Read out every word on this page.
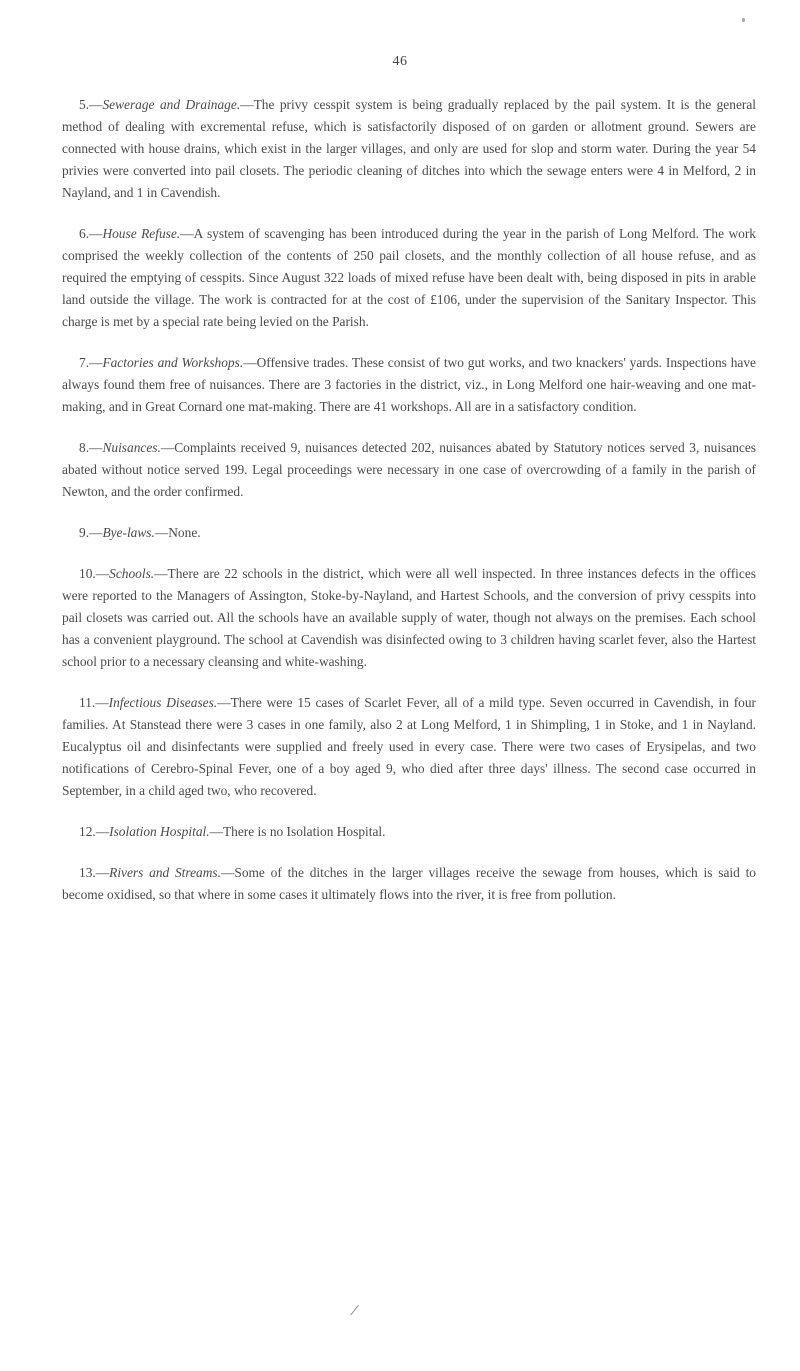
46

5.—Sewerage and Drainage.—The privy cesspit system is being gradually replaced by the pail system. It is the general method of dealing with excremental refuse, which is satisfactorily disposed of on garden or allotment ground. Sewers are connected with house drains, which exist in the larger villages, and only are used for slop and storm water. During the year 54 privies were converted into pail closets. The periodic cleaning of ditches into which the sewage enters were 4 in Melford, 2 in Nayland, and 1 in Cavendish.

6.—House Refuse.—A system of scavenging has been introduced during the year in the parish of Long Melford. The work comprised the weekly collection of the contents of 250 pail closets, and the monthly collection of all house refuse, and as required the emptying of cesspits. Since August 322 loads of mixed refuse have been dealt with, being disposed in pits in arable land outside the village. The work is contracted for at the cost of £106, under the supervision of the Sanitary Inspector. This charge is met by a special rate being levied on the Parish.

7.—Factories and Workshops.—Offensive trades. These consist of two gut works, and two knackers' yards. Inspections have always found them free of nuisances. There are 3 factories in the district, viz., in Long Melford one hair-weaving and one mat-making, and in Great Cornard one mat-making. There are 41 workshops. All are in a satisfactory condition.

8.—Nuisances.—Complaints received 9, nuisances detected 202, nuisances abated by Statutory notices served 3, nuisances abated without notice served 199. Legal proceedings were necessary in one case of overcrowding of a family in the parish of Newton, and the order confirmed.

9.—Bye-laws.—None.

10.—Schools.—There are 22 schools in the district, which were all well inspected. In three instances defects in the offices were reported to the Managers of Assington, Stoke-by-Nayland, and Hartest Schools, and the conversion of privy cesspits into pail closets was carried out. All the schools have an available supply of water, though not always on the premises. Each school has a convenient playground. The school at Cavendish was disinfected owing to 3 children having scarlet fever, also the Hartest school prior to a necessary cleansing and white-washing.

11.—Infectious Diseases.—There were 15 cases of Scarlet Fever, all of a mild type. Seven occurred in Cavendish, in four families. At Stanstead there were 3 cases in one family, also 2 at Long Melford, 1 in Shimpling, 1 in Stoke, and 1 in Nayland. Eucalyptus oil and disinfectants were supplied and freely used in every case. There were two cases of Erysipelas, and two notifications of Cerebro-Spinal Fever, one of a boy aged 9, who died after three days' illness. The second case occurred in September, in a child aged two, who recovered.

12.—Isolation Hospital.—There is no Isolation Hospital.

13.—Rivers and Streams.—Some of the ditches in the larger villages receive the sewage from houses, which is said to become oxidised, so that where in some cases it ultimately flows into the river, it is free from pollution.

/
